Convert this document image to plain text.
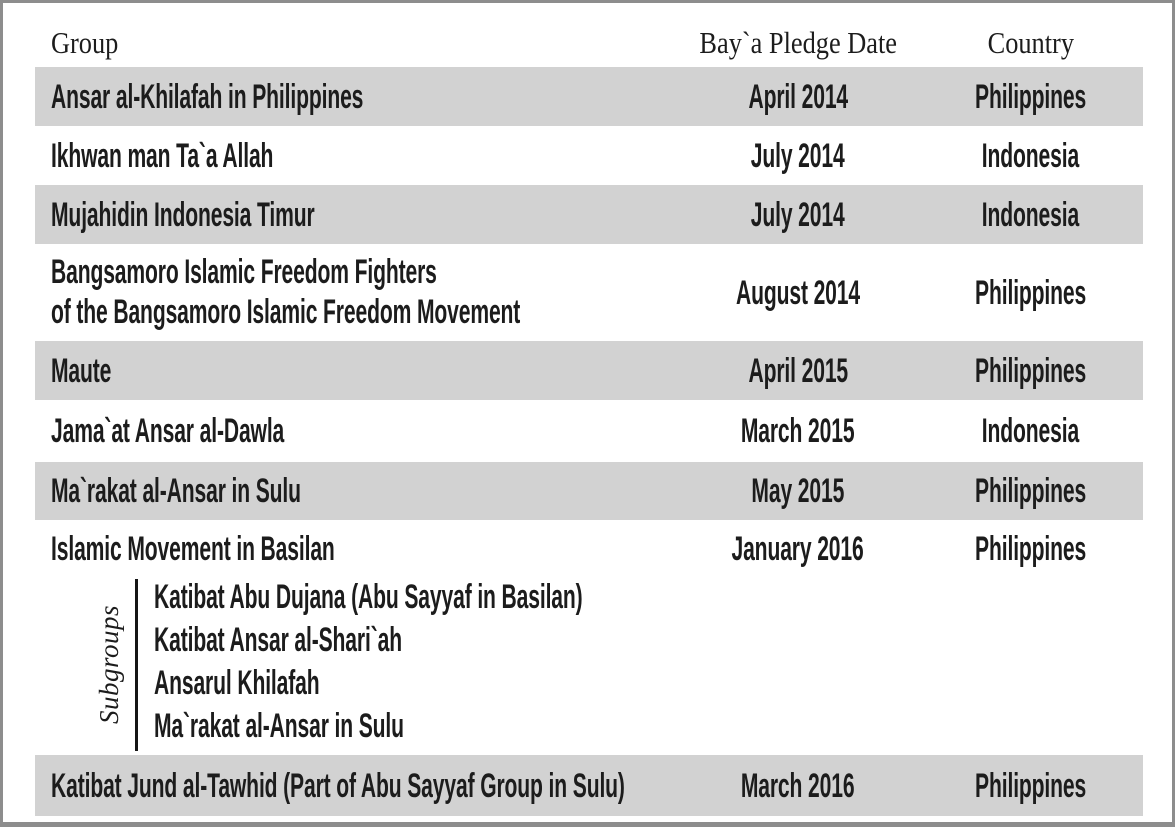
Group	Bay`a Pledge Date	Country
Ansar al-Khilafah in Philippines	April 2014	Philippines
Ikhwan man Ta`a Allah	July 2014	Indonesia
Mujahidin Indonesia Timur	July 2014	Indonesia
Bangsamoro Islamic Freedom Fighters
of the Bangsamoro Islamic Freedom Movement	August 2014	Philippines
Maute	April 2015	Philippines
Jama`at Ansar al-Dawla	March 2015	Indonesia
Ma`rakat al-Ansar in Sulu	May 2015	Philippines
Islamic Movement in Basilan	January 2016	Philippines
Subgroups
Katibat Abu Dujana (Abu Sayyaf in Basilan)
Katibat Ansar al-Shari`ah
Ansarul Khilafah
Ma`rakat al-Ansar in Sulu
Katibat Jund al-Tawhid (Part of Abu Sayyaf Group in Sulu)	March 2016	Philippines
